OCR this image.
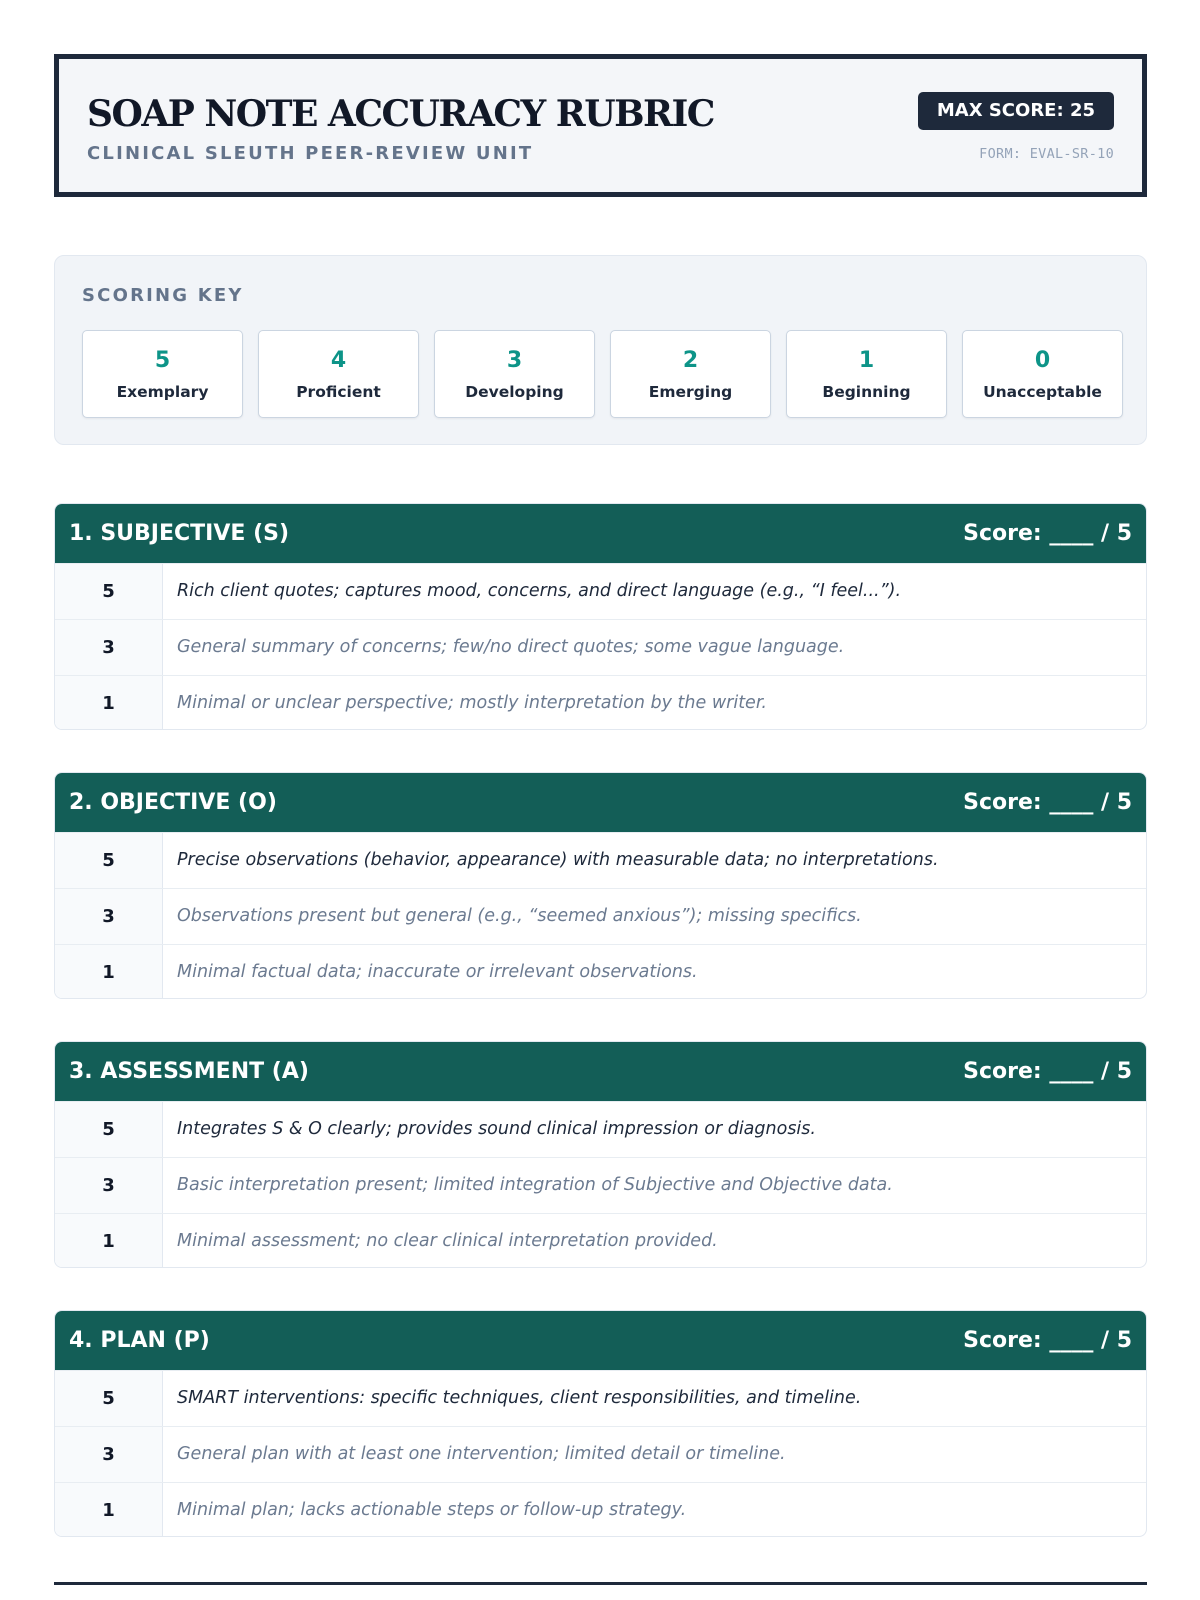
SOAP NOTE ACCURACY RUBRIC
CLINICAL SLEUTH PEER-REVIEW UNIT
MAX SCORE: 25
FORM: EVAL-SR-10
SCORING KEY
5
Exemplary
4
Proficient
3
Developing
2
Emerging
1
Beginning
0
Unacceptable
1. SUBJECTIVE (S)	Score: ____ / 5
5	Rich client quotes; captures mood, concerns, and direct language (e.g., “I feel...”).
3	General summary of concerns; few/no direct quotes; some vague language.
1	Minimal or unclear perspective; mostly interpretation by the writer.
2. OBJECTIVE (O)	Score: ____ / 5
5	Precise observations (behavior, appearance) with measurable data; no interpretations.
3	Observations present but general (e.g., “seemed anxious”); missing specifics.
1	Minimal factual data; inaccurate or irrelevant observations.
3. ASSESSMENT (A)	Score: ____ / 5
5	Integrates S & O clearly; provides sound clinical impression or diagnosis.
3	Basic interpretation present; limited integration of Subjective and Objective data.
1	Minimal assessment; no clear clinical interpretation provided.
4. PLAN (P)	Score: ____ / 5
5	SMART interventions: specific techniques, client responsibilities, and timeline.
3	General plan with at least one intervention; limited detail or timeline.
1	Minimal plan; lacks actionable steps or follow-up strategy.
